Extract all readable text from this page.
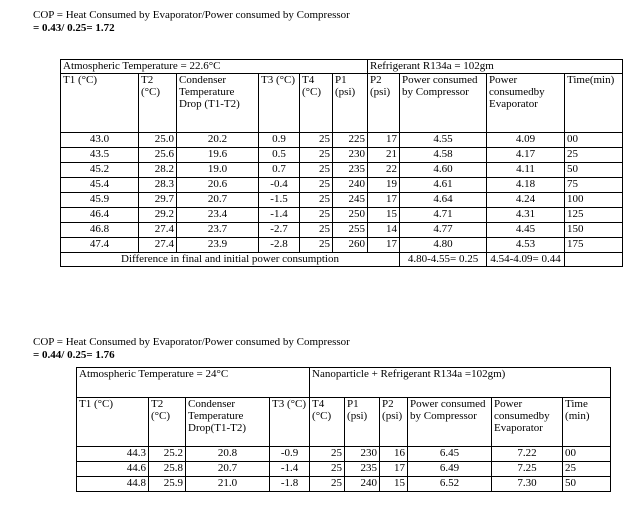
COP = Heat Consumed by Evaporator/Power consumed by Compressor
= 0.43/ 0.25= 1.72
Atmospheric Temperature = 22.6°C						Refrigerant R134a = 102gm			
T1 (°C)	T2 (°C)	Condenser Temperature Drop (T1-T2)	T3 (°C)	T4 (°C)	P1 (psi)	P2 (psi)	Power consumed by Compressor	Power consumedby Evaporator	Time(min)
43.0	25.0	20.2	0.9	25	225	17	4.55	4.09	00
43.5	25.6	19.6	0.5	25	230	21	4.58	4.17	25
45.2	28.2	19.0	0.7	25	235	22	4.60	4.11	50
45.4	28.3	20.6	-0.4	25	240	19	4.61	4.18	75
45.9	29.7	20.7	-1.5	25	245	17	4.64	4.24	100
46.4	29.2	23.4	-1.4	25	250	15	4.71	4.31	125
46.8	27.4	23.7	-2.7	25	255	14	4.77	4.45	150
47.4	27.4	23.9	-2.8	25	260	17	4.80	4.53	175
Difference in final and initial power consumption							4.80-4.55= 0.25	4.54-4.09= 0.44	
COP = Heat Consumed by Evaporator/Power consumed by Compressor
= 0.44/ 0.25= 1.76
Atmospheric Temperature = 24°C				Nanoparticle + Refrigerant R134a =102gm)					
T1 (°C)	T2 (°C)	Condenser Temperature Drop(T1-T2)	T3 (°C)	T4 (°C)	P1 (psi)	P2 (psi)	Power consumed by Compressor	Power consumedby Evaporator	Time (min)
44.3	25.2	20.8	-0.9	25	230	16	6.45	7.22	00
44.6	25.8	20.7	-1.4	25	235	17	6.49	7.25	25
44.8	25.9	21.0	-1.8	25	240	15	6.52	7.30	50
